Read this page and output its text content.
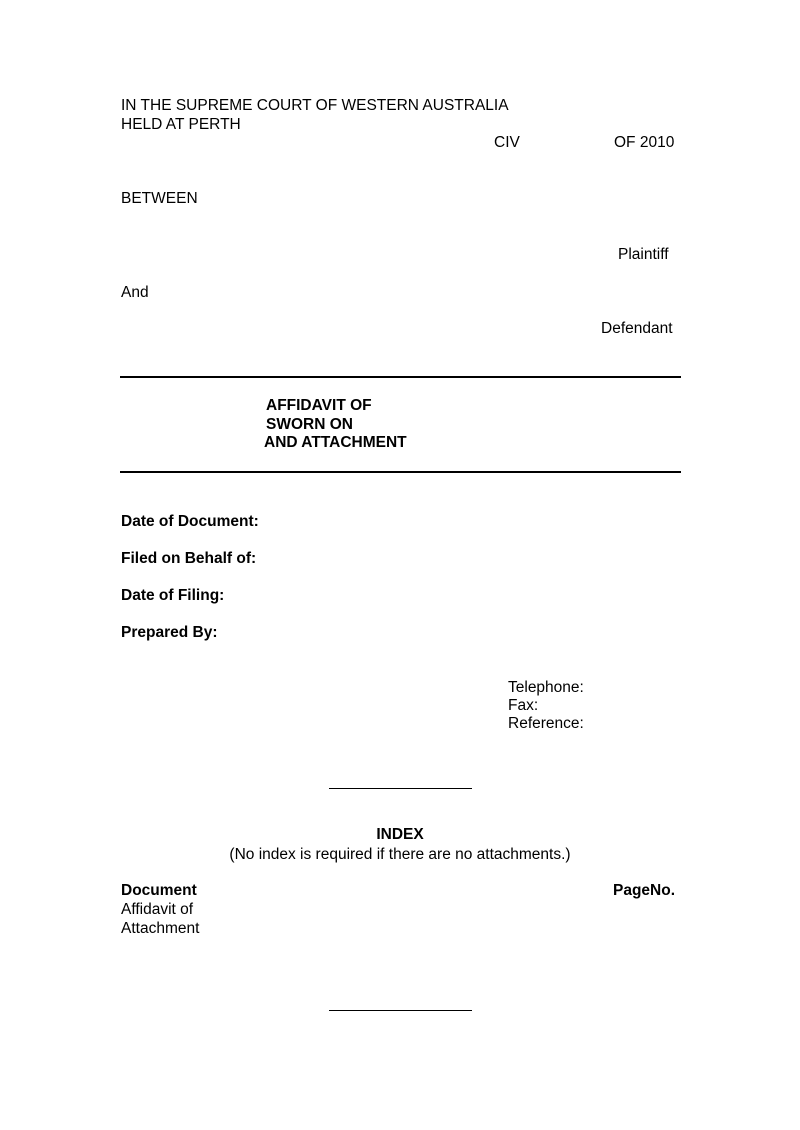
IN THE SUPREME COURT OF WESTERN AUSTRALIA
HELD AT PERTH
CIV	OF 2010
BETWEEN
Plaintiff
And
Defendant
AFFIDAVIT OF
SWORN ON
AND ATTACHMENT
Date of Document:
Filed on Behalf of:
Date of Filing:
Prepared By:
Telephone:
Fax:
Reference:
INDEX
(No index is required if there are no attachments.)
Document	PageNo.
Affidavit of
Attachment
